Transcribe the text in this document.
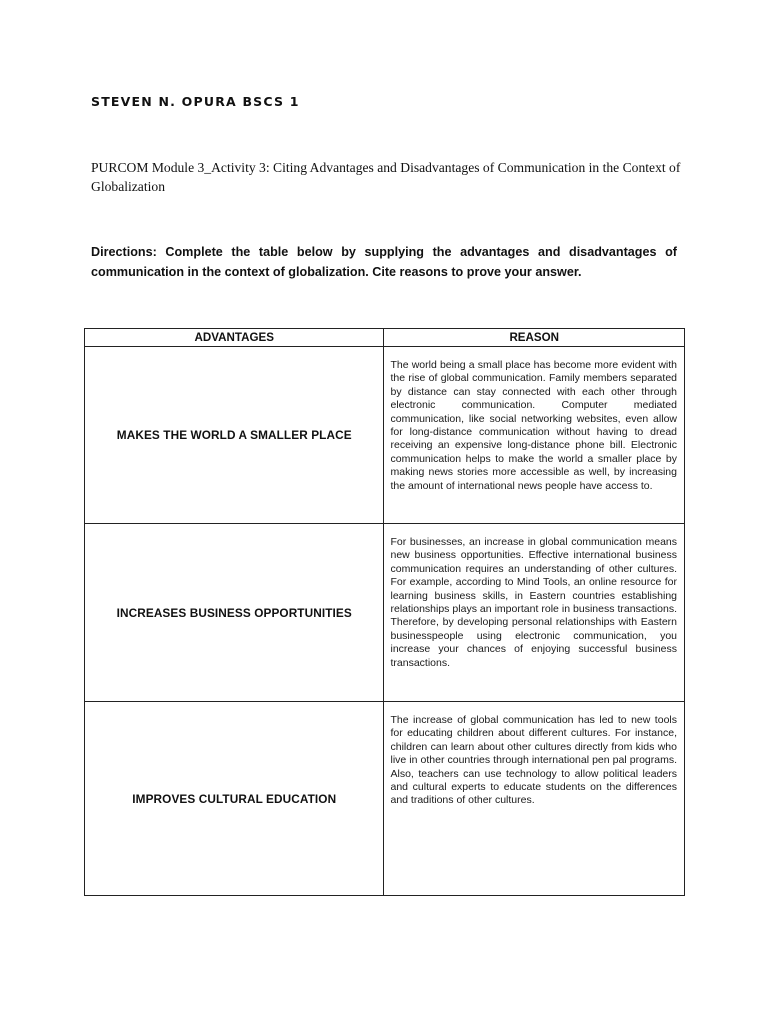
STEVEN N. OPURA BSCS 1
PURCOM Module 3_Activity 3: Citing Advantages and Disadvantages of Communication in the Context of Globalization
Directions: Complete the table below by supplying the advantages and disadvantages of communication in the context of globalization. Cite reasons to prove your answer.
ADVANTAGES	REASON
MAKES THE WORLD A SMALLER PLACE	The world being a small place has become more evident with the rise of global communication. Family members separated by distance can stay connected with each other through electronic communication. Computer mediated communication, like social networking websites, even allow for long-distance communication without having to dread receiving an expensive long-distance phone bill. Electronic communication helps to make the world a smaller place by making news stories more accessible as well, by increasing the amount of international news people have access to.

INCREASES BUSINESS OPPORTUNITIES	For businesses, an increase in global communication means new business opportunities. Effective international business communication requires an understanding of other cultures. For example, according to Mind Tools, an online resource for learning business skills, in Eastern countries establishing relationships plays an important role in business transactions. Therefore, by developing personal relationships with Eastern businesspeople using electronic communication, you increase your chances of enjoying successful business transactions.

IMPROVES CULTURAL EDUCATION	The increase of global communication has led to new tools for educating children about different cultures. For instance, children can learn about other cultures directly from kids who live in other countries through international pen pal programs. Also, teachers can use technology to allow political leaders and cultural experts to educate students on the differences and traditions of other cultures.
